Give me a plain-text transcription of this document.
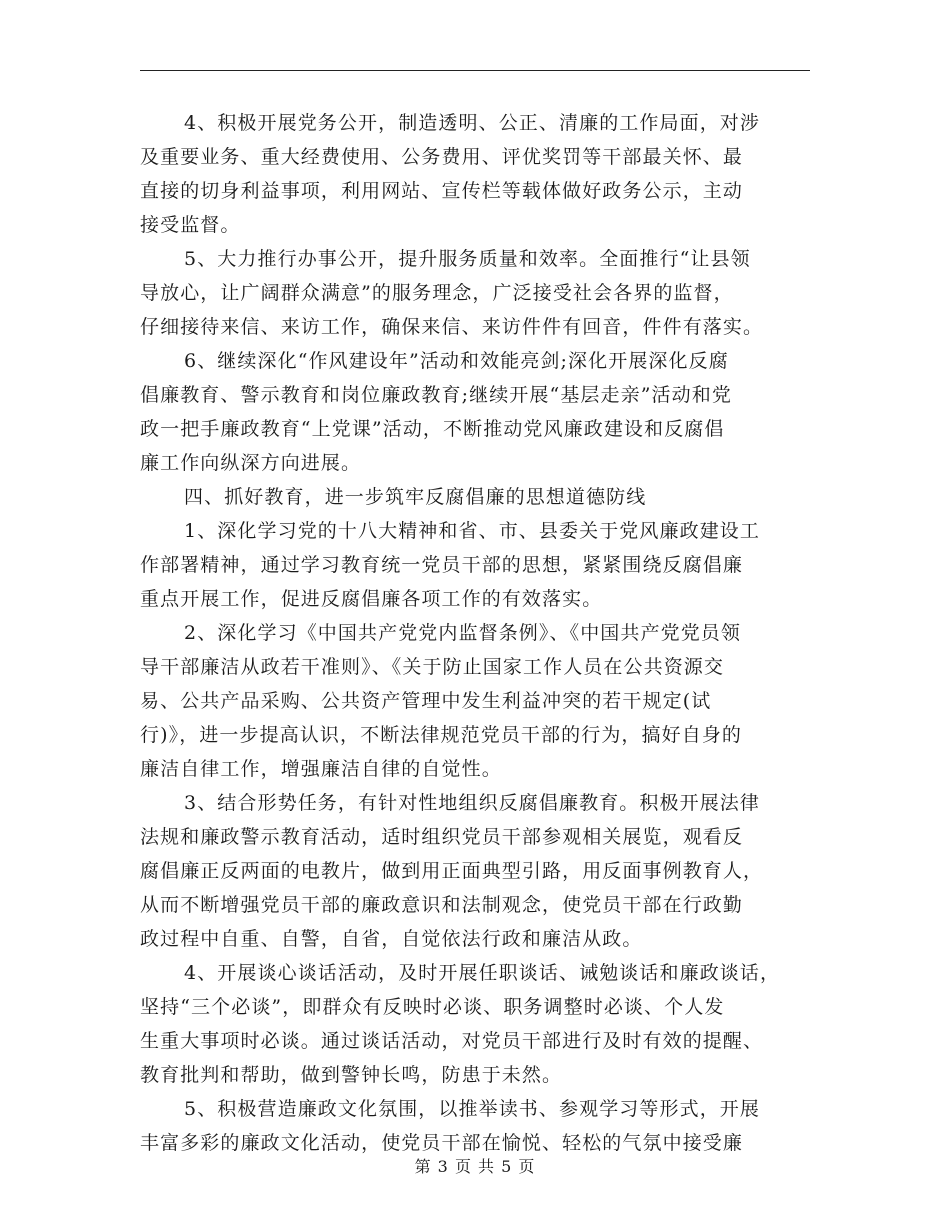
4、积极开展党务公开，制造透明、公正、清廉的工作局面，对涉
及重要业务、重大经费使用、公务费用、评优奖罚等干部最关怀、最
直接的切身利益事项，利用网站、宣传栏等载体做好政务公示，主动
接受监督。
5、大力推行办事公开，提升服务质量和效率。全面推行“让县领
导放心，让广阔群众满意”的服务理念，广泛接受社会各界的监督，
仔细接待来信、来访工作，确保来信、来访件件有回音，件件有落实。
6、继续深化“作风建设年”活动和效能亮剑;深化开展深化反腐
倡廉教育、警示教育和岗位廉政教育;继续开展“基层走亲”活动和党
政一把手廉政教育“上党课”活动，不断推动党风廉政建设和反腐倡
廉工作向纵深方向进展。
四、抓好教育，进一步筑牢反腐倡廉的思想道德防线
1、深化学习党的十八大精神和省、市、县委关于党风廉政建设工
作部署精神，通过学习教育统一党员干部的思想，紧紧围绕反腐倡廉
重点开展工作，促进反腐倡廉各项工作的有效落实。
2、深化学习《中国共产党党内监督条例》、《中国共产党党员领
导干部廉洁从政若干准则》、《关于防止国家工作人员在公共资源交
易、公共产品采购、公共资产管理中发生利益冲突的若干规定(试
行)》，进一步提高认识，不断法律规范党员干部的行为，搞好自身的
廉洁自律工作，增强廉洁自律的自觉性。
3、结合形势任务，有针对性地组织反腐倡廉教育。积极开展法律
法规和廉政警示教育活动，适时组织党员干部参观相关展览，观看反
腐倡廉正反两面的电教片，做到用正面典型引路，用反面事例教育人，
从而不断增强党员干部的廉政意识和法制观念，使党员干部在行政勤
政过程中自重、自警，自省，自觉依法行政和廉洁从政。
4、开展谈心谈话活动，及时开展任职谈话、诫勉谈话和廉政谈话，
坚持“三个必谈”，即群众有反映时必谈、职务调整时必谈、个人发
生重大事项时必谈。通过谈话活动，对党员干部进行及时有效的提醒、
教育批判和帮助，做到警钟长鸣，防患于未然。
5、积极营造廉政文化氛围，以推举读书、参观学习等形式，开展
丰富多彩的廉政文化活动，使党员干部在愉悦、轻松的气氛中接受廉
第 3 页 共 5 页
